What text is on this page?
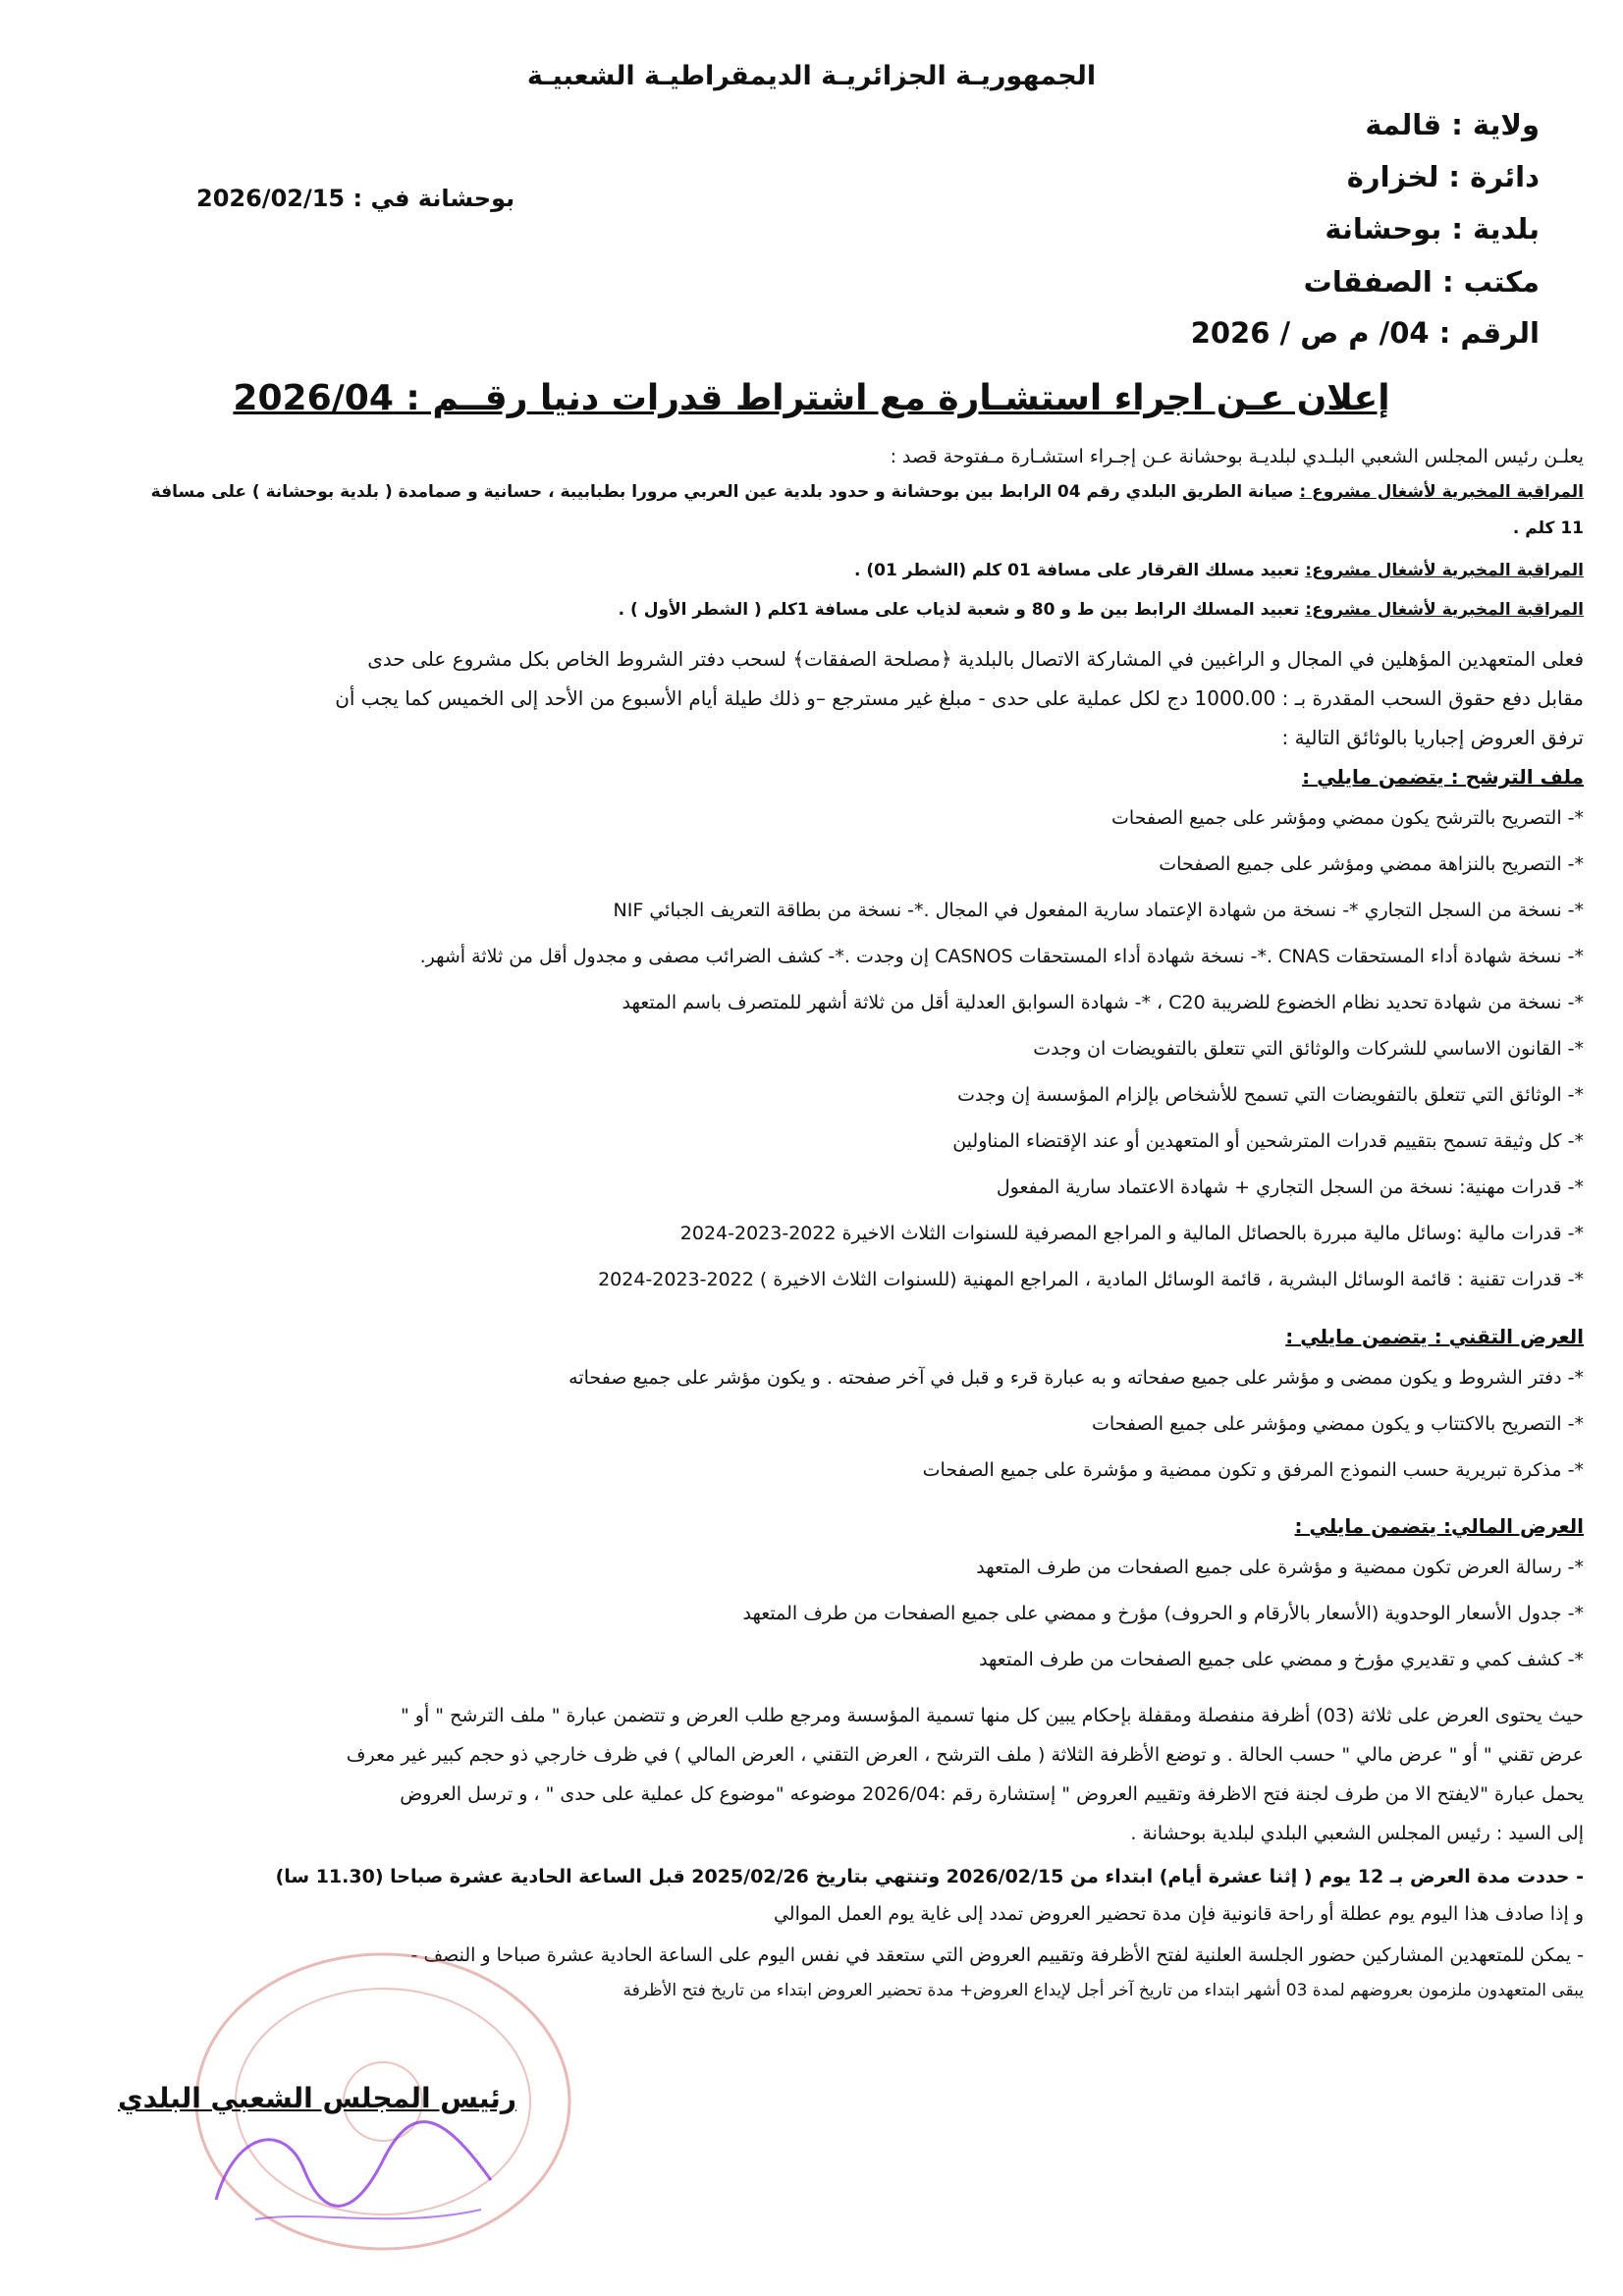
الجمهوريـة الجزائريـة الديمقراطيـة الشعبيـة
ولاية : قالمة
دائرة : لخزارة
بلدية : بوحشانة
مكتب : الصفقات
الرقم : 04/ م ص / 2026
بوحشانة في : 2026/02/15
إعلان عـن اجراء استشـارة مع اشتراط قدرات دنيا رقــم : 2026/04
يعلـن رئيس المجلس الشعبي البلـدي لبلديـة بوحشانة عـن إجـراء استشـارة مـفتوحة قصد :
المراقبة المخبرية لأشغال مشروع : صيانة الطريق البلدي رقم 04 الرابط بين بوحشانة و حدود بلدية عين العربي مرورا بطبابيبة ، حسانية و صمامدة ( بلدية بوحشانة ) على مسافة
11 كلم .
المراقبة المخبرية لأشغال مشروع: تعبيد مسلك القرقار على مسافة 01 كلم (الشطر 01) .
المراقبة المخبرية لأشغال مشروع: تعبيد المسلك الرابط بين ط و 80 و شعبة لذياب على مسافة 1كلم ( الشطر الأول ) .
فعلى المتعهدين المؤهلين في المجال و الراغبين في المشاركة الاتصال بالبلدية ﴿مصلحة الصفقات﴾ لسحب دفتر الشروط الخاص بكل مشروع على حدى
مقابل دفع حقوق السحب المقدرة بـ : 1000.00 دج لكل عملية على حدى - مبلغ غير مسترجع –و ذلك طيلة أيام الأسبوع من الأحد إلى الخميس كما يجب أن
ترفق العروض إجباريا بالوثائق التالية :
ملف الترشح : يتضمن مايلي :
*- التصريح بالترشح يكون ممضي ومؤشر على جميع الصفحات
*- التصريح بالنزاهة ممضي ومؤشر على جميع الصفحات
*- نسخة من السجل التجاري *- نسخة من شهادة الإعتماد سارية المفعول في المجال .*- نسخة من بطاقة التعريف الجبائي NIF
*- نسخة شهادة أداء المستحقات CNAS .*- نسخة شهادة أداء المستحقات CASNOS إن وجدت .*- كشف الضرائب مصفى و مجدول أقل من ثلاثة أشهر.
*- نسخة من شهادة تحديد نظام الخضوع للضريبة C20 ، *- شهادة السوابق العدلية أقل من ثلاثة أشهر للمتصرف باسم المتعهد
*- القانون الاساسي للشركات والوثائق التي تتعلق بالتفويضات ان وجدت
*- الوثائق التي تتعلق بالتفويضات التي تسمح للأشخاص بإلزام المؤسسة إن وجدت
*- كل وثيقة تسمح بتقييم قدرات المترشحين أو المتعهدين أو عند الإقتضاء المناولين
*- قدرات مهنية: نسخة من السجل التجاري + شهادة الاعتماد سارية المفعول
*- قدرات مالية :وسائل مالية مبررة بالحصائل المالية و المراجع المصرفية للسنوات الثلاث الاخيرة 2022-2023-2024
*- قدرات تقنية : قائمة الوسائل البشرية ، قائمة الوسائل المادية ، المراجع المهنية (للسنوات الثلاث الاخيرة ) 2022-2023-2024
العرض التقني : يتضمن مايلي :
*- دفتر الشروط و يكون ممضى و مؤشر على جميع صفحاته و به عبارة قرء و قبل في آخر صفحته . و يكون مؤشر على جميع صفحاته
*- التصريح بالاكتتاب و يكون ممضي ومؤشر على جميع الصفحات
*- مذكرة تبريرية حسب النموذج المرفق و تكون ممضية و مؤشرة على جميع الصفحات
العرض المالي: يتضمن مايلي :
*- رسالة العرض تكون ممضية و مؤشرة على جميع الصفحات من طرف المتعهد
*- جدول الأسعار الوحدوية (الأسعار بالأرقام و الحروف) مؤرخ و ممضي على جميع الصفحات من طرف المتعهد
*- كشف كمي و تقديري مؤرخ و ممضي على جميع الصفحات من طرف المتعهد
حيث يحتوى العرض على ثلاثة (03) أظرفة منفصلة ومقفلة بإحكام يبين كل منها تسمية المؤسسة ومرجع طلب العرض و تتضمن عبارة " ملف الترشح " أو "
عرض تقني " أو " عرض مالي " حسب الحالة . و توضع الأظرفة الثلاثة ( ملف الترشح ، العرض التقني ، العرض المالي ) في ظرف خارجي ذو حجم كبير غير معرف
يحمل عبارة "لايفتح الا من طرف لجنة فتح الاظرفة وتقييم العروض " إستشارة رقم :2026/04 موضوعه "موضوع كل عملية على حدى " ، و ترسل العروض
إلى السيد : رئيس المجلس الشعبي البلدي لبلدية بوحشانة .
- حددت مدة العرض بـ 12 يوم ( إثنا عشرة أيام) ابتداء من 2026/02/15 وتنتهي بتاريخ 2025/02/26 قبل الساعة الحادية عشرة صباحا (11.30 سا)
و إذا صادف هذا اليوم يوم عطلة أو راحة قانونية فإن مدة تحضير العروض تمدد إلى غاية يوم العمل الموالي
- يمكن للمتعهدين المشاركين حضور الجلسة العلنية لفتح الأظرفة وتقييم العروض التي ستعقد في نفس اليوم على الساعة الحادية عشرة صباحا و النصف -
يبقى المتعهدون ملزمون بعروضهم لمدة 03 أشهر ابتداء من تاريخ آخر أجل لإيداع العروض+ مدة تحضير العروض ابتداء من تاريخ فتح الأظرفة
رئيس المجلس الشعبي البلدي
